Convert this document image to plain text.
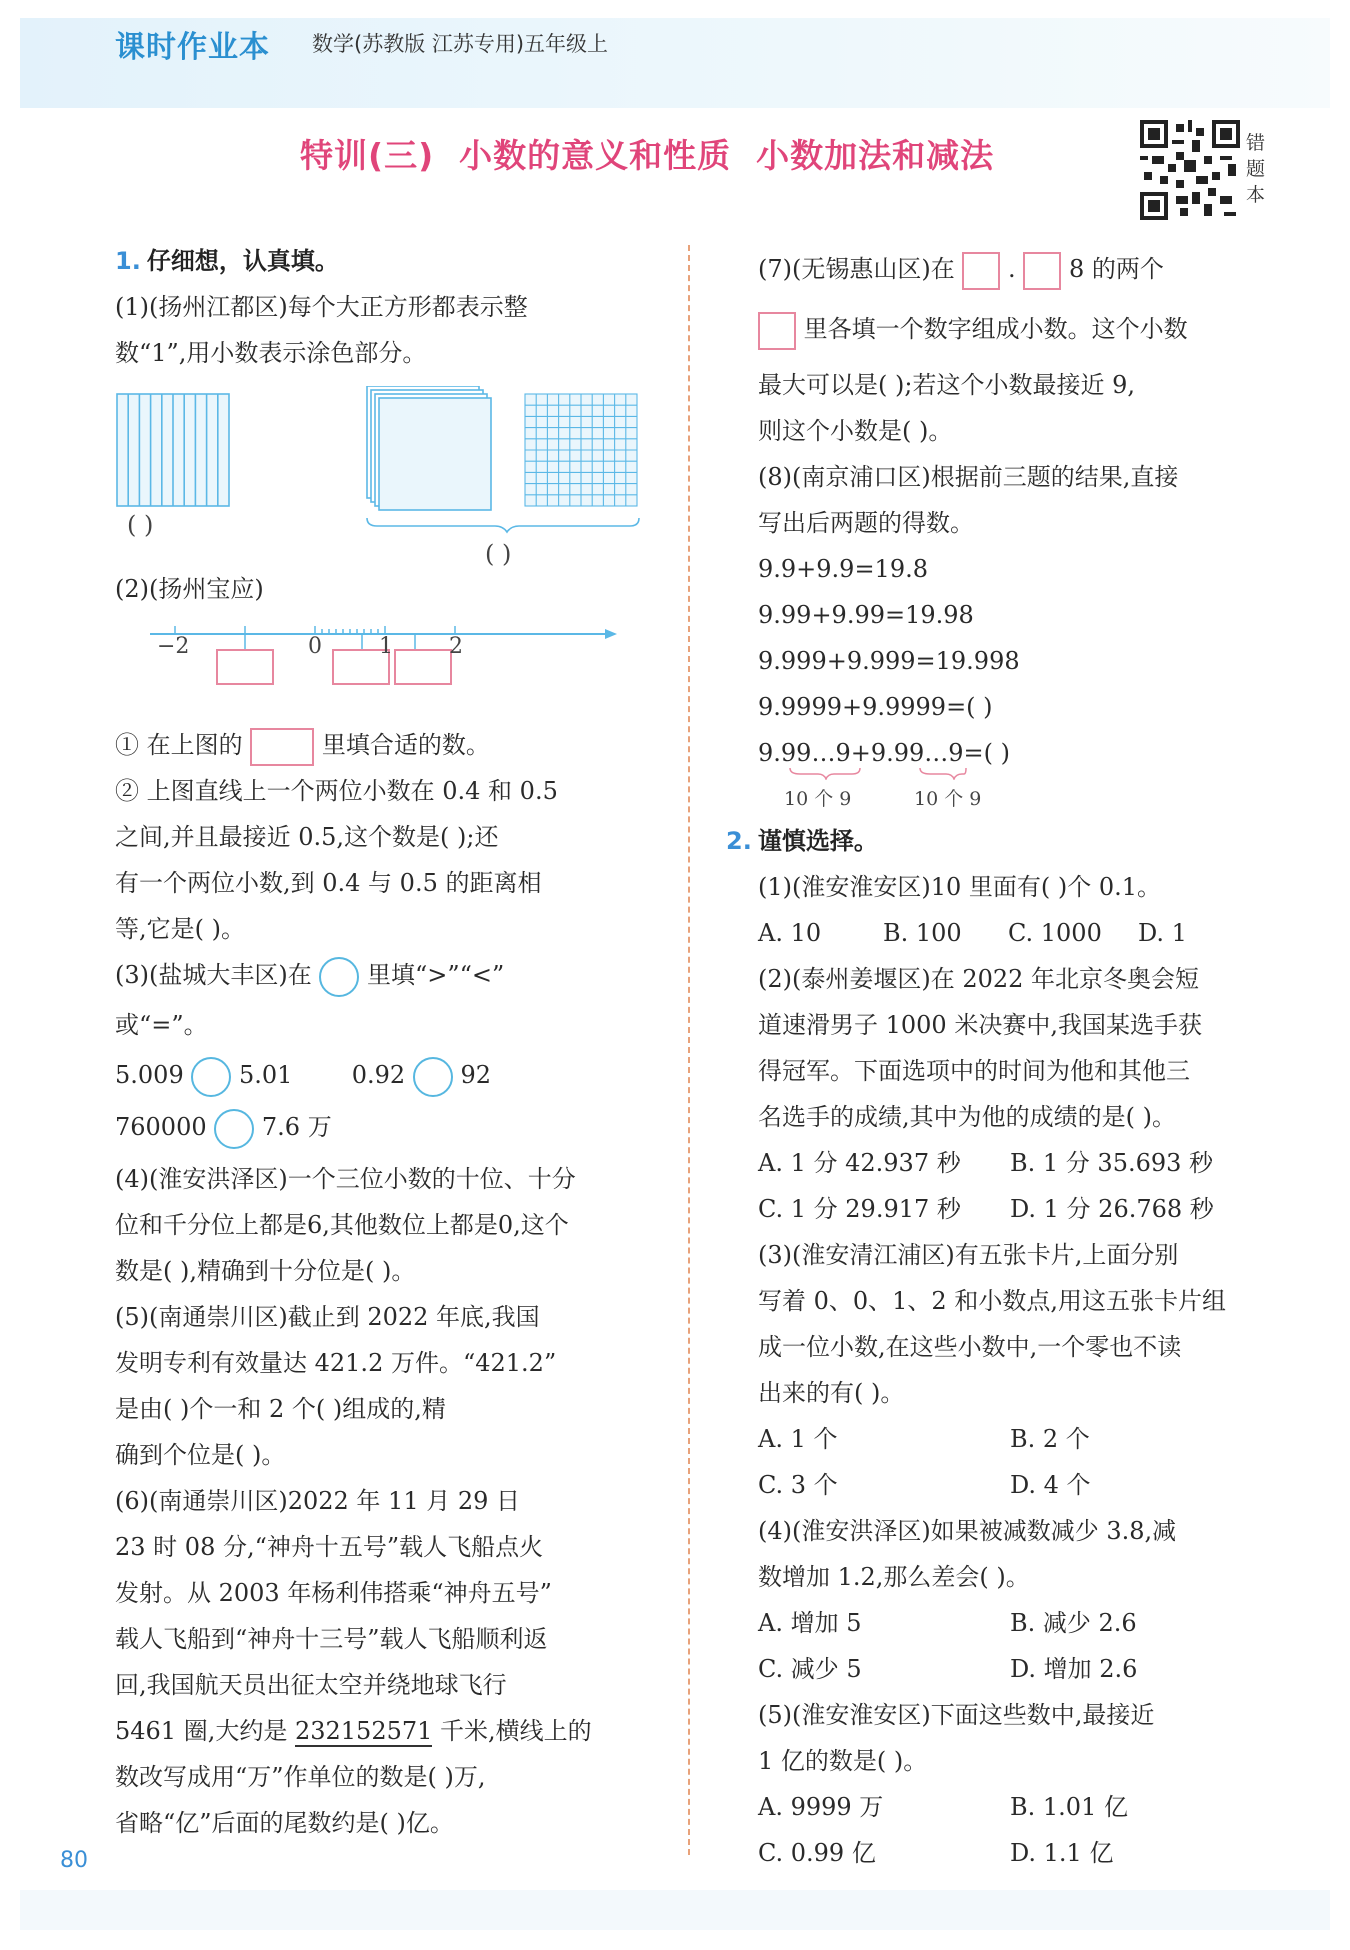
课时作业本 数学(苏教版 江苏专用)五年级上
特训(三)  小数的意义和性质  小数加法和减法	错题本
1. 仔细想，认真填。
(1)(扬州江都区)每个大正方形都表示整
数“1”,用小数表示涂色部分。
( )
( )
(2)(扬州宝应)
−2	0	1	2
① 在上图的	里填合适的数。
② 上图直线上一个两位小数在 0.4 和 0.5
之间,并且最接近 0.5,这个数是( );还
有一个两位小数,到 0.4 与 0.5 的距离相
等,它是( )。
(3)(盐城大丰区)在 里填“>”“<”
或“=”。
5.009 5.01 0.92 92
760000 7.6 万
(4)(淮安洪泽区)一个三位小数的十位、十分
位和千分位上都是6,其他数位上都是0,这个
数是( ),精确到十分位是( )。
(5)(南通崇川区)截止到 2022 年底,我国
发明专利有效量达 421.2 万件。“421.2”
是由( )个一和 2 个( )组成的,精
确到个位是( )。
(6)(南通崇川区)2022 年 11 月 29 日
23 时 08 分,“神舟十五号”载人飞船点火
发射。从 2003 年杨利伟搭乘“神舟五号”
载人飞船到“神舟十三号”载人飞船顺利返
回,我国航天员出征太空并绕地球飞行
5461 圈,大约是 232152571 千米,横线上的
数改写成用“万”作单位的数是( )万,
省略“亿”后面的尾数约是( )亿。
(7)(无锡惠山区)在 . 8 的两个
里各填一个数字组成小数。这个小数
最大可以是( );若这个小数最接近 9,
则这个小数是( )。
(8)(南京浦口区)根据前三题的结果,直接
写出后两题的得数。
9.9+9.9=19.8
9.99+9.99=19.98
9.999+9.999=19.998
9.9999+9.9999=( )
9.99…9+9.99…9=( )
10 个 9	10 个 9
2. 谨慎选择。
(1)(淮安淮安区)10 里面有( )个 0.1。
A. 10	B. 100	C. 1000	D. 1
(2)(泰州姜堰区)在 2022 年北京冬奥会短
道速滑男子 1000 米决赛中,我国某选手获
得冠军。下面选项中的时间为他和其他三
名选手的成绩,其中为他的成绩的是( )。
A. 1 分 42.937 秒	B. 1 分 35.693 秒
C. 1 分 29.917 秒	D. 1 分 26.768 秒
(3)(淮安清江浦区)有五张卡片,上面分别
写着 0、0、1、2 和小数点,用这五张卡片组
成一位小数,在这些小数中,一个零也不读
出来的有( )。
A. 1 个	B. 2 个
C. 3 个	D. 4 个
(4)(淮安洪泽区)如果被减数减少 3.8,减
数增加 1.2,那么差会( )。
A. 增加 5	B. 减少 2.6
C. 减少 5	D. 增加 2.6
(5)(淮安淮安区)下面这些数中,最接近
1 亿的数是( )。
A. 9999 万	B. 1.01 亿
C. 0.99 亿	D. 1.1 亿
80
